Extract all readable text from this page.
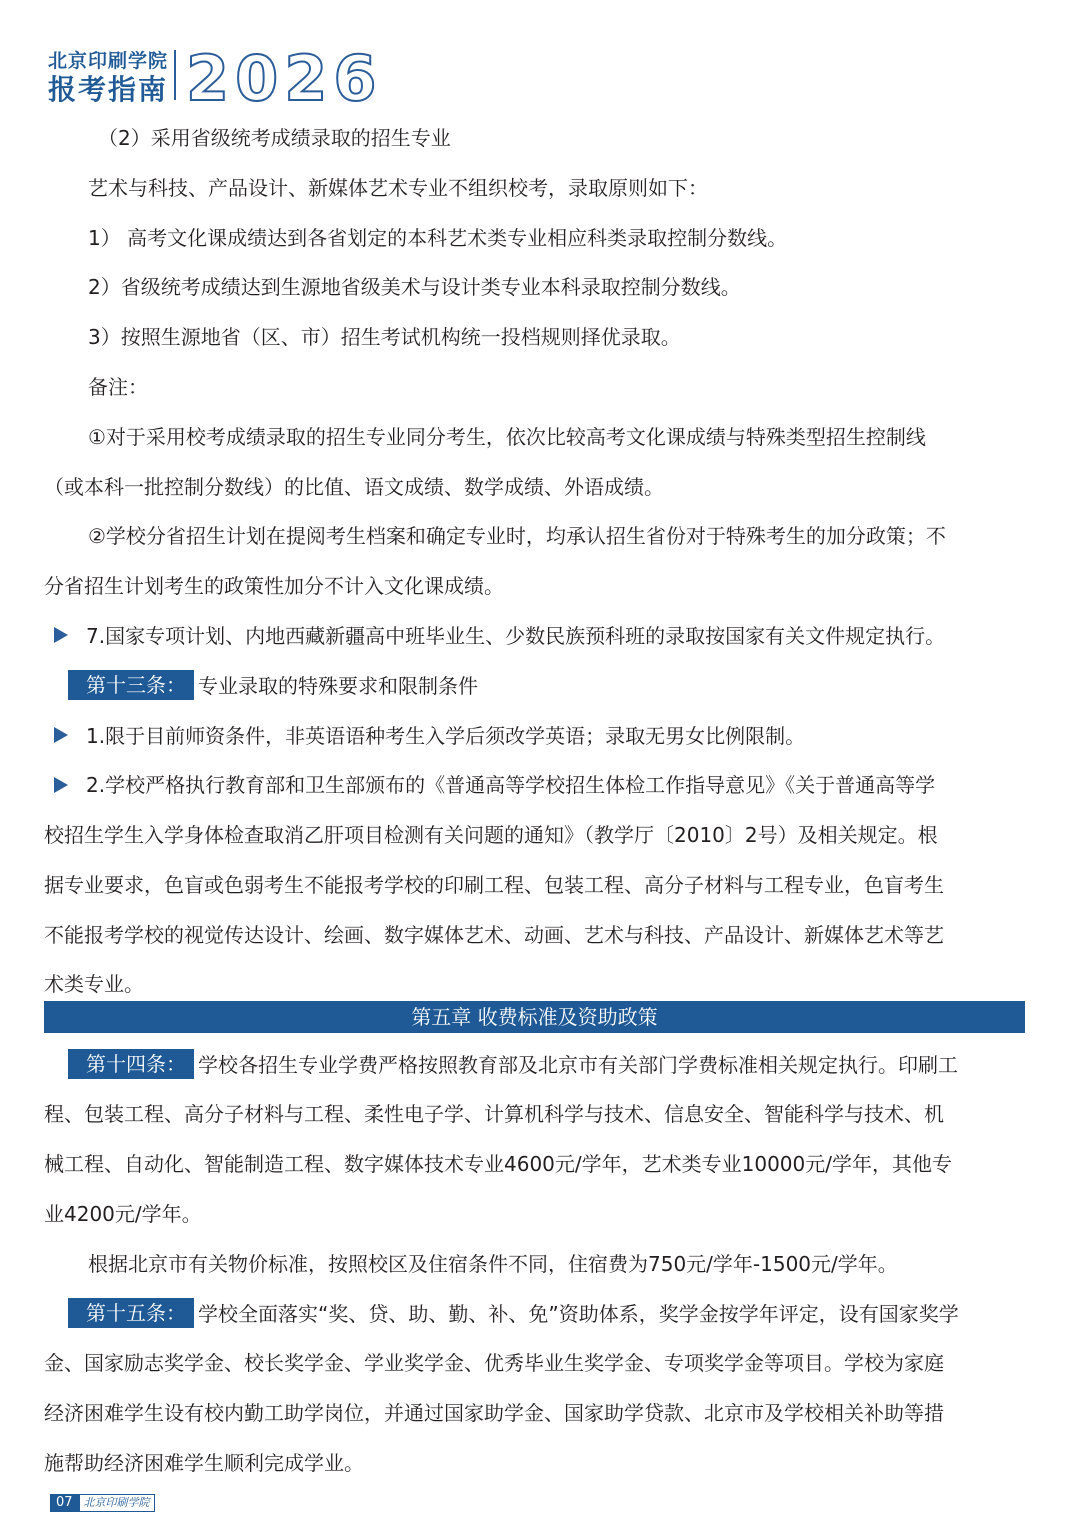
北京印刷学院
报考指南 2026
（2）采用省级统考成绩录取的招生专业
艺术与科技、产品设计、新媒体艺术专业不组织校考，录取原则如下：
1） 高考文化课成绩达到各省划定的本科艺术类专业相应科类录取控制分数线。
2）省级统考成绩达到生源地省级美术与设计类专业本科录取控制分数线。
3）按照生源地省（区、市）招生考试机构统一投档规则择优录取。
备注：
①对于采用校考成绩录取的招生专业同分考生，依次比较高考文化课成绩与特殊类型招生控制线
（或本科一批控制分数线）的比值、语文成绩、数学成绩、外语成绩。
②学校分省招生计划在提阅考生档案和确定专业时，均承认招生省份对于特殊考生的加分政策；不
分省招生计划考生的政策性加分不计入文化课成绩。
7.国家专项计划、内地西藏新疆高中班毕业生、少数民族预科班的录取按国家有关文件规定执行。
第十三条： 专业录取的特殊要求和限制条件
1.限于目前师资条件，非英语语种考生入学后须改学英语；录取无男女比例限制。
2.学校严格执行教育部和卫生部颁布的《普通高等学校招生体检工作指导意见》《关于普通高等学
校招生学生入学身体检查取消乙肝项目检测有关问题的通知》（教学厅〔2010〕2号）及相关规定。根
据专业要求，色盲或色弱考生不能报考学校的印刷工程、包装工程、高分子材料与工程专业，色盲考生
不能报考学校的视觉传达设计、绘画、数字媒体艺术、动画、艺术与科技、产品设计、新媒体艺术等艺
术类专业。
第五章 收费标准及资助政策
第十四条： 学校各招生专业学费严格按照教育部及北京市有关部门学费标准相关规定执行。印刷工
程、包装工程、高分子材料与工程、柔性电子学、计算机科学与技术、信息安全、智能科学与技术、机
械工程、自动化、智能制造工程、数字媒体技术专业4600元/学年，艺术类专业10000元/学年，其他专
业4200元/学年。
根据北京市有关物价标准，按照校区及住宿条件不同，住宿费为750元/学年-1500元/学年。
第十五条： 学校全面落实“奖、贷、助、勤、补、免”资助体系，奖学金按学年评定，设有国家奖学
金、国家励志奖学金、校长奖学金、学业奖学金、优秀毕业生奖学金、专项奖学金等项目。学校为家庭
经济困难学生设有校内勤工助学岗位，并通过国家助学金、国家助学贷款、北京市及学校相关补助等措
施帮助经济困难学生顺利完成学业。
07 北京印刷学院
